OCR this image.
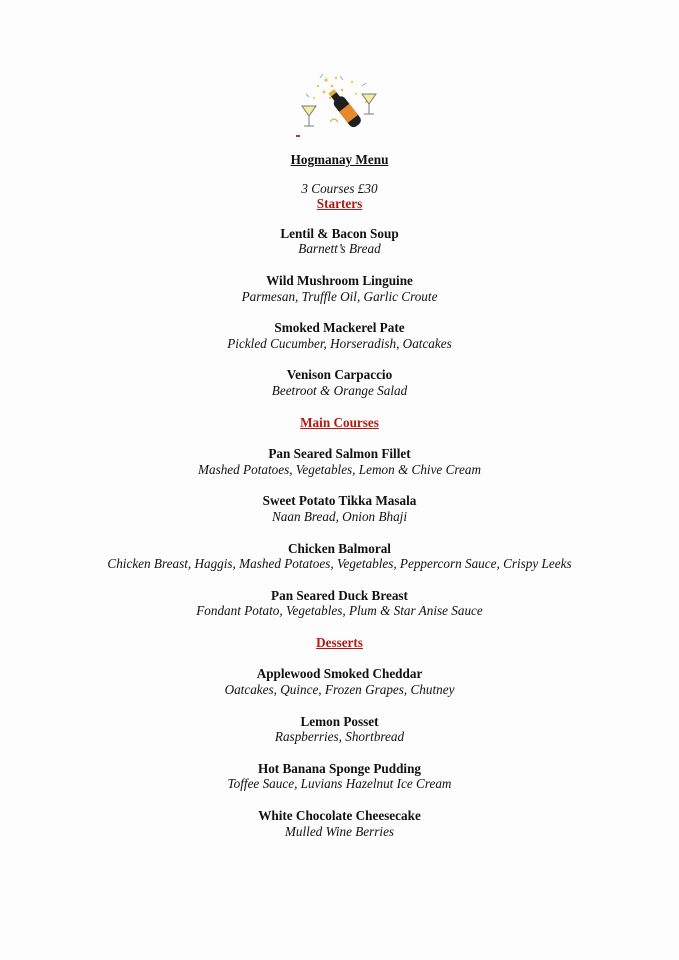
Hogmanay Menu
3 Courses £30
Starters
Lentil & Bacon Soup
Barnett’s Bread
Wild Mushroom Linguine
Parmesan, Truffle Oil, Garlic Croute
Smoked Mackerel Pate
Pickled Cucumber, Horseradish, Oatcakes
Venison Carpaccio
Beetroot & Orange Salad
Main Courses
Pan Seared Salmon Fillet
Mashed Potatoes, Vegetables, Lemon & Chive Cream
Sweet Potato Tikka Masala
Naan Bread, Onion Bhaji
Chicken Balmoral
Chicken Breast, Haggis, Mashed Potatoes, Vegetables, Peppercorn Sauce, Crispy Leeks
Pan Seared Duck Breast
Fondant Potato, Vegetables, Plum & Star Anise Sauce
Desserts
Applewood Smoked Cheddar
Oatcakes, Quince, Frozen Grapes, Chutney
Lemon Posset
Raspberries, Shortbread
Hot Banana Sponge Pudding
Toffee Sauce, Luvians Hazelnut Ice Cream
White Chocolate Cheesecake
Mulled Wine Berries
